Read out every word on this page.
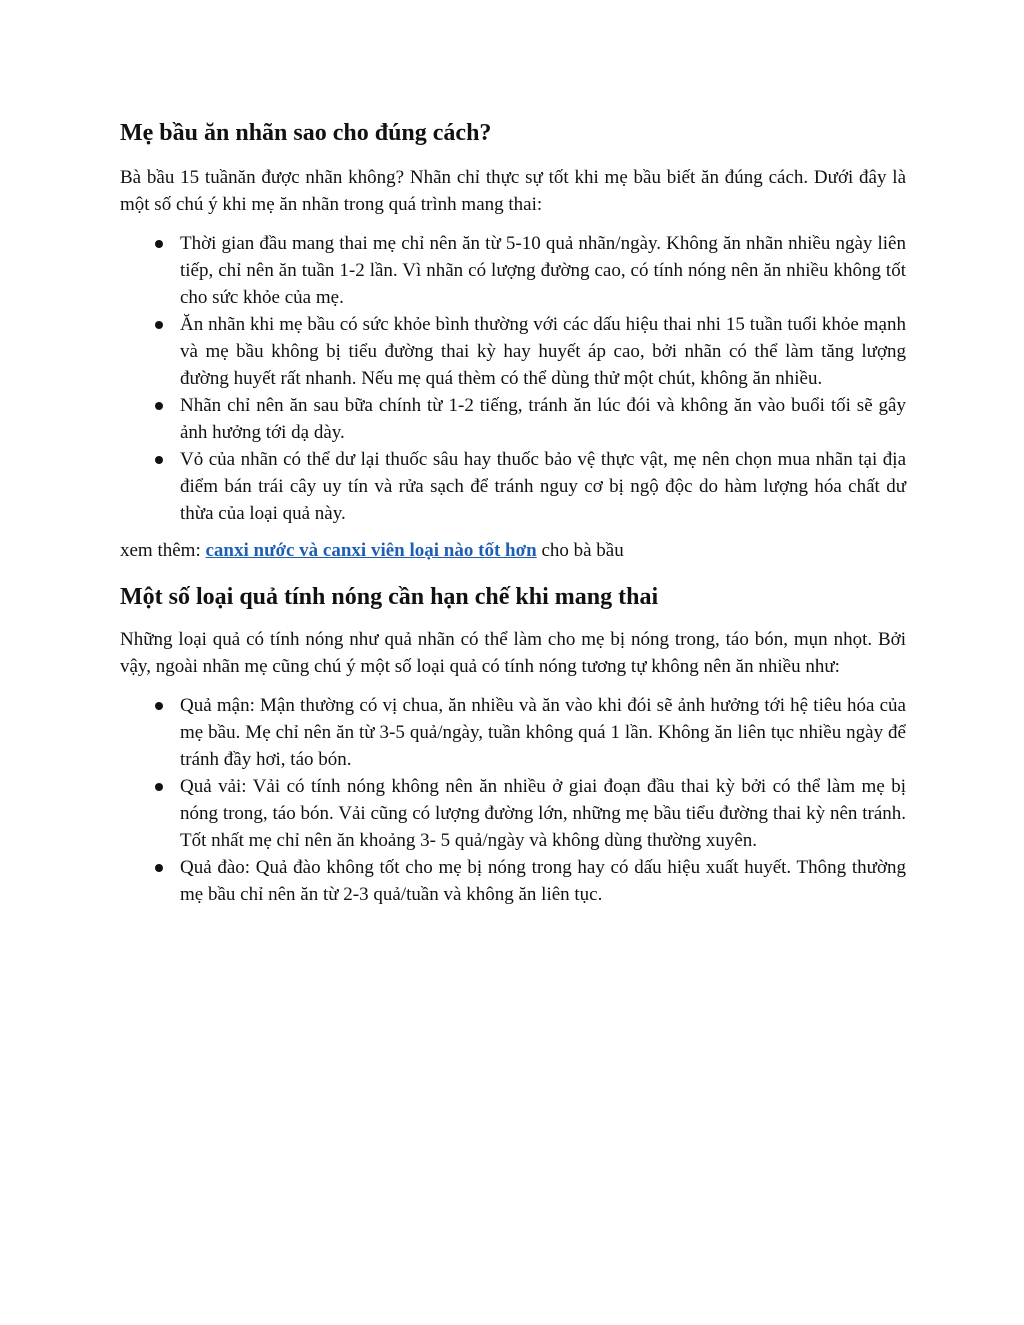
Mẹ bầu ăn nhãn sao cho đúng cách?

Bà bầu 15 tuầnăn được nhãn không? Nhãn chỉ thực sự tốt khi mẹ bầu biết ăn đúng cách. Dưới đây là một số chú ý khi mẹ ăn nhãn trong quá trình mang thai:

Thời gian đầu mang thai mẹ chỉ nên ăn từ 5-10 quả nhãn/ngày. Không ăn nhãn nhiều ngày liên tiếp, chỉ nên ăn tuần 1-2 lần. Vì nhãn có lượng đường cao, có tính nóng nên ăn nhiều không tốt cho sức khỏe của mẹ.
Ăn nhãn khi mẹ bầu có sức khỏe bình thường với các dấu hiệu thai nhi 15 tuần tuổi khỏe mạnh và mẹ bầu không bị tiểu đường thai kỳ hay huyết áp cao, bởi nhãn có thể làm tăng lượng đường huyết rất nhanh. Nếu mẹ quá thèm có thể dùng thử một chút, không ăn nhiều.
Nhãn chỉ nên ăn sau bữa chính từ 1-2 tiếng, tránh ăn lúc đói và không ăn vào buổi tối sẽ gây ảnh hưởng tới dạ dày.
Vỏ của nhãn có thể dư lại thuốc sâu hay thuốc bảo vệ thực vật, mẹ nên chọn mua nhãn tại địa điểm bán trái cây uy tín và rửa sạch để tránh nguy cơ bị ngộ độc do hàm lượng hóa chất dư thừa của loại quả này.

xem thêm: canxi nước và canxi viên loại nào tốt hơn cho bà bầu

Một số loại quả tính nóng cần hạn chế khi mang thai

Những loại quả có tính nóng như quả nhãn có thể làm cho mẹ bị nóng trong, táo bón, mụn nhọt. Bởi vậy, ngoài nhãn mẹ cũng chú ý một số loại quả có tính nóng tương tự không nên ăn nhiều như:

Quả mận: Mận thường có vị chua, ăn nhiều và ăn vào khi đói sẽ ảnh hưởng tới hệ tiêu hóa của mẹ bầu. Mẹ chỉ nên ăn từ 3-5 quả/ngày, tuần không quá 1 lần. Không ăn liên tục nhiều ngày để tránh đầy hơi, táo bón.
Quả vải: Vải có tính nóng không nên ăn nhiều ở giai đoạn đầu thai kỳ bởi có thể làm mẹ bị nóng trong, táo bón. Vải cũng có lượng đường lớn, những mẹ bầu tiểu đường thai kỳ nên tránh. Tốt nhất mẹ chỉ nên ăn khoảng 3- 5 quả/ngày và không dùng thường xuyên.
Quả đào: Quả đào không tốt cho mẹ bị nóng trong hay có dấu hiệu xuất huyết. Thông thường mẹ bầu chỉ nên ăn từ 2-3 quả/tuần và không ăn liên tục.
